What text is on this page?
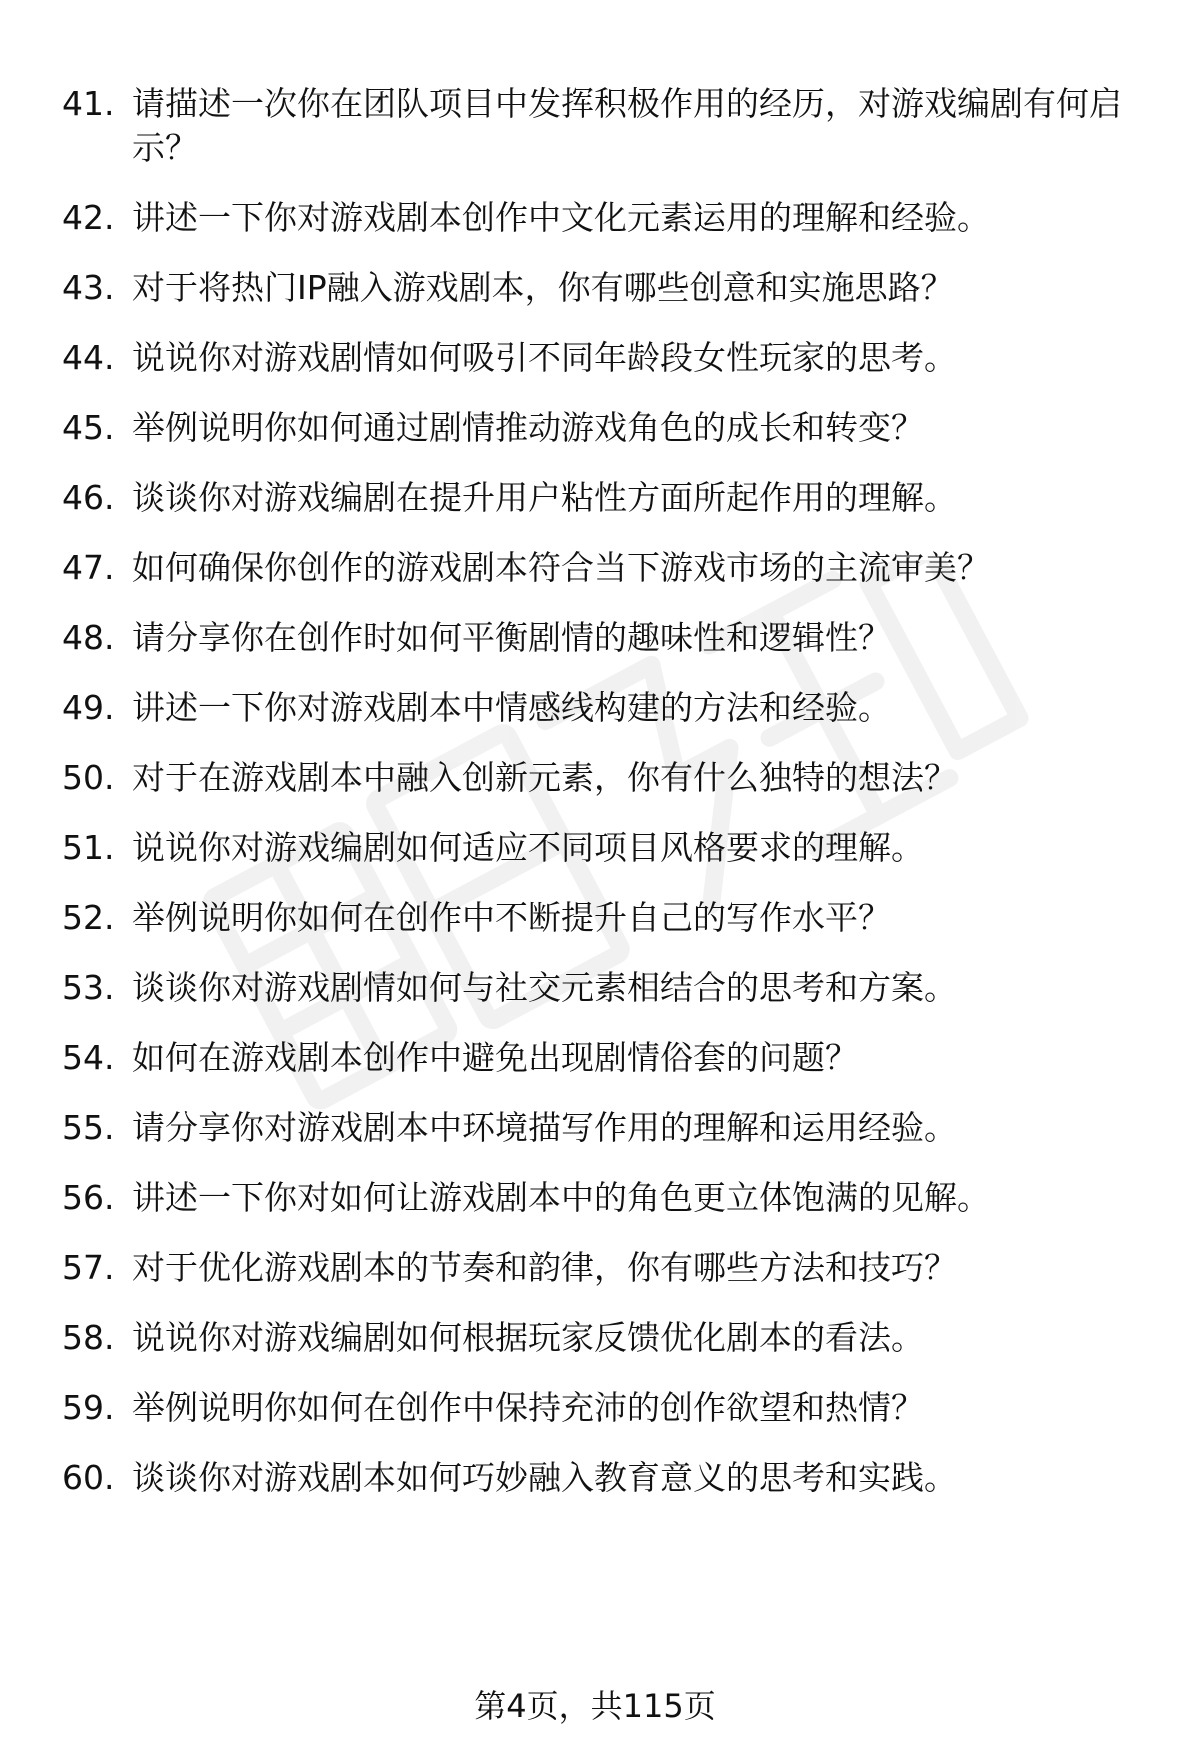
41. 请描述一次你在团队项目中发挥积极作用的经历，对游戏编剧有何启示？
42. 讲述一下你对游戏剧本创作中文化元素运用的理解和经验。
43. 对于将热门IP融入游戏剧本，你有哪些创意和实施思路？
44. 说说你对游戏剧情如何吸引不同年龄段女性玩家的思考。
45. 举例说明你如何通过剧情推动游戏角色的成长和转变？
46. 谈谈你对游戏编剧在提升用户粘性方面所起作用的理解。
47. 如何确保你创作的游戏剧本符合当下游戏市场的主流审美？
48. 请分享你在创作时如何平衡剧情的趣味性和逻辑性？
49. 讲述一下你对游戏剧本中情感线构建的方法和经验。
50. 对于在游戏剧本中融入创新元素，你有什么独特的想法？
51. 说说你对游戏编剧如何适应不同项目风格要求的理解。
52. 举例说明你如何在创作中不断提升自己的写作水平？
53. 谈谈你对游戏剧情如何与社交元素相结合的思考和方案。
54. 如何在游戏剧本创作中避免出现剧情俗套的问题？
55. 请分享你对游戏剧本中环境描写作用的理解和运用经验。
56. 讲述一下你对如何让游戏剧本中的角色更立体饱满的见解。
57. 对于优化游戏剧本的节奏和韵律，你有哪些方法和技巧？
58. 说说你对游戏编剧如何根据玩家反馈优化剧本的看法。
59. 举例说明你如何在创作中保持充沛的创作欲望和热情？
60. 谈谈你对游戏剧本如何巧妙融入教育意义的思考和实践。
第4页，共115页
